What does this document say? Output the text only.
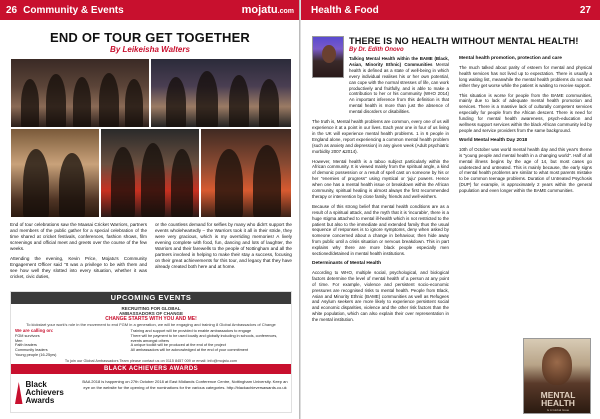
26 Community & Events	mojatu.com
END OF TOUR GET TOGETHER
By Leikeisha Walters

End of tour celebrations saw the Maasai Cricket Warriors, partners and members of the public gather for a special celebration of the time shared at cricket festivals, conferences, fashion shows, film screenings and official meet and greets over the course of the few weeks.

Attending the evening, Kevin Price, Mojatu's Community Engagement Officer said "It was a privilege to be with them and see how well they slotted into every situation, whether it was cricket, civic duties,

or the countless demand for selfies by many who didn't support the events wholeheartedly – the Warriors took it all in their stride, they were very gracious, which is my overriding memories! A lively evening complete with food, fun, dancing and lots of laughter, the Warriors and their farewells to the people of Nottingham and all the partners involved in helping to make their stay a success, focusing on their great achievements for this tour, and legacy that they have already created both here and at home.

UPCOMING EVENTS
RECRUITING FOR GLOBAL
AMBASSADORS OF CHANGE
CHANGE STARTS WITH YOU AND ME!
To kickstart your work's role in the movement to end FGM in a generation, we will be engaging and training 8 Global Ambassadors of Change
We are calling on:
FGM survivors
Men
Faith leaders
Community leaders
Young people (16-25yrs)
Training and support will be provided to enable ambassadors to engage
There will be payment to be used locally and globally including in schools, conferences, events amongst others
A unique toolkit will be produced at the end of the project
All ambassadors will be acknowledged at the end of your commitment
To join our Global Ambassadors Team please contact us on 0115 8457 009 or email: info@mojatu.com
BLACK ACHIEVERS AWARDS
Black Achievers Awards
BAA 2018 is happening on 27th October 2018 at East Midlands Conference Centre, Nottingham University. Keep an eye on the website for the opening of the nominations for the various categories. http://blackachieversawards.co.uk
Health & Food	27
THERE IS NO HEALTH WITHOUT MENTAL HEALTH!
By Dr. Edith Onovo

Talking Mental Health within the BAME (Black, Asian, Minority Ethnic) Communities Mental health is defined as a state of well-being in which every individual realises his or her own potential, can cope with the normal stresses of life, can work productively and fruitfully, and is able to make a contribution to her or his community (WHO 2014) An important inference from this definition is that mental health is more than just the absence of mental disorders or disabilities.

The truth is, Mental health problems are common, every one of us will experience it at a point in our lives. Each year one in four of us living in the UK will experience mental health problems. 1 in 6 people in England alone, report experiencing a common mental health problem (such as anxiety and depression) in any given week (Adult psychiatric morbidity 2007 &2014).

However, Mental health is a taboo subject particularly within the African community. It is viewed mainly from the spiritual angle, a kind of demonic possession or a result of spell cast on someone by his or her "enemies of progress" using mystical or 'juju' powers. Hence when one has a mental health issue or breakdown within the African community, spiritual healing is almost always the first recommended therapy or intervention by close family, friends and well-wishers.

Because of this strong belief that mental health conditions are as a result of a spiritual attack, and the myth that it is 'incurable', there is a huge stigma attached to mental ill-health which is not restricted to the patient but also to the immediate and extended family thus the usual sequence of responses is to ignore symptoms, deny when asked by someone concerned about a change in behaviour, then hide away from public until a crisis situation or nervous breakdown. This in part explains why there are more black people especially men sectioned/detained in mental health institutions.

Determinants of Mental Health

According to WHO, multiple social, psychological, and biological factors determine the level of mental health of a person at any point of time. For example, violence and persistent socio-economic pressures are recognised risks to mental health. People from Black, Asian and Minority Ethnic (BAME) communities as well as Refugees and Asylum seekers are more likely to experience persistent social and economic disparities, violence and the other risk factors than the white population, which can also explain their over representation in the mental institution.

Mental health promotion, protection and care

The much talked about parity of esteem for mental and physical health services has not lived up to expectation. There is usually a long waiting list, meanwhile the mental health problems do not wait either they get worse while the patient is waiting to receive support.

This situation is worse for people from the BAME communities, mainly due to lack of adequate mental health promotion and services. There is a massive lack of culturally competent services especially for people from the African descent. There is need for funding for mental health awareness, psych-education and wellness support services within the black African community led by people and service providers from the same background.

World Mental Health Day 2018

10th of October was world mental health day and this year's theme is "young people and mental health in a changing world". Half of all mental illness begins by the age of 14, but most cases go undetected and untreated. This is mainly because, the early signs of mental health problems are similar to what most parents mistake to be common teenage problems. Duration of Untreated Psychosis (DUP) for example, is approximately 2 years within the general population and even longer within the BAME communities.

MENTAL HEALTH
Is A Global Issue
